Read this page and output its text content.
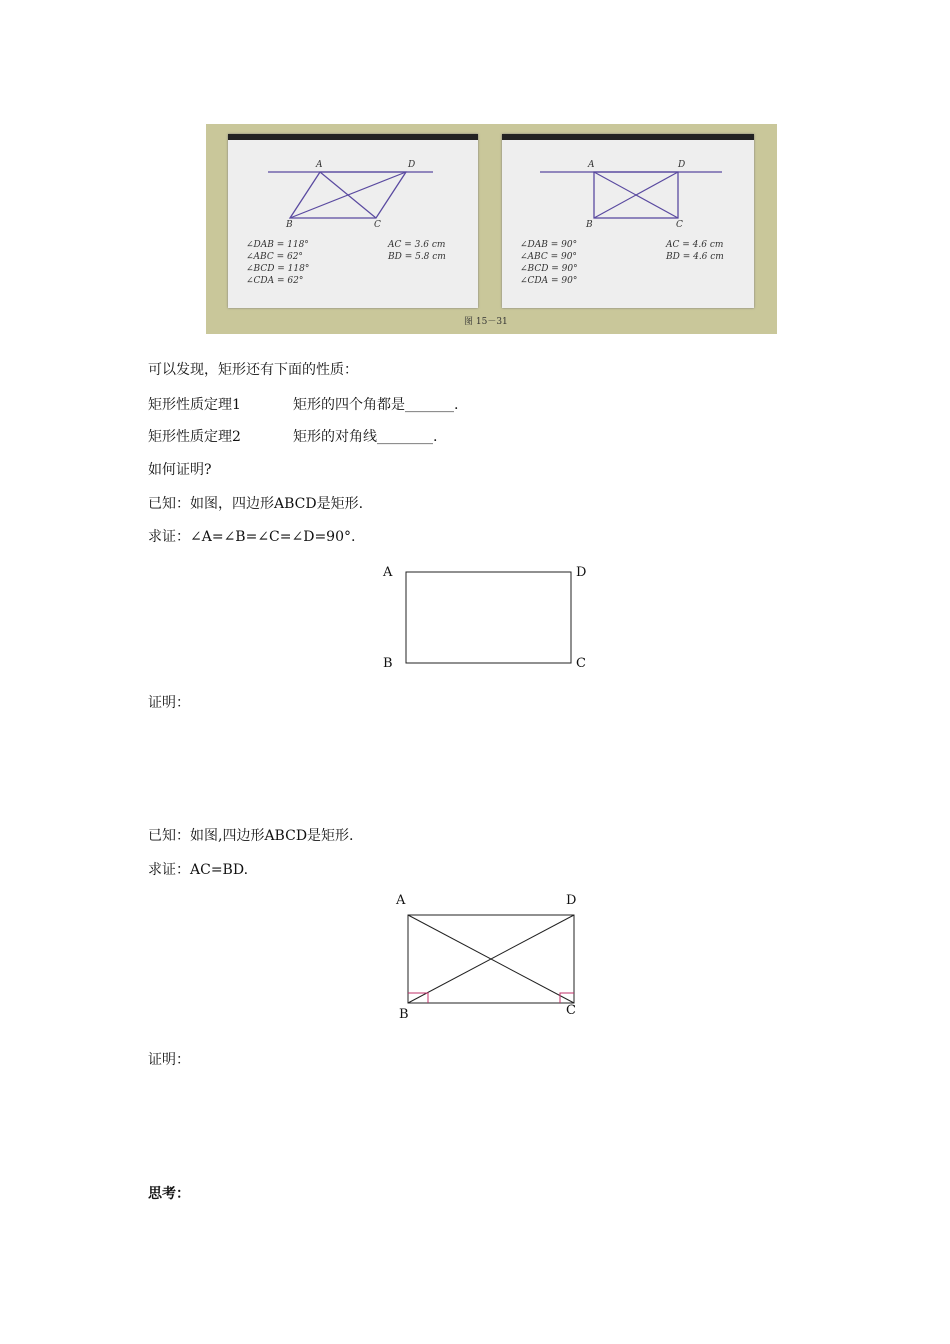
A	D
B	C
∠DAB = 118°
∠ABC = 62°
∠BCD = 118°
∠CDA = 62°
AC = 3.6 cm
BD = 5.8 cm
A	D
B	C
∠DAB = 90°
∠ABC = 90°
∠BCD = 90°
∠CDA = 90°
AC = 4.6 cm
BD = 4.6 cm
图 15－31
可以发现，矩形还有下面的性质：
矩形性质定理1	矩形的四个角都是_______.
矩形性质定理2	矩形的对角线________.
如何证明?
已知：如图，四边形ABCD是矩形.
求证：∠A=∠B=∠C=∠D=90°.
A	D
B	C
证明：
已知：如图,四边形ABCD是矩形.
求证：AC=BD.
A	D
B	C
证明：
思考：
